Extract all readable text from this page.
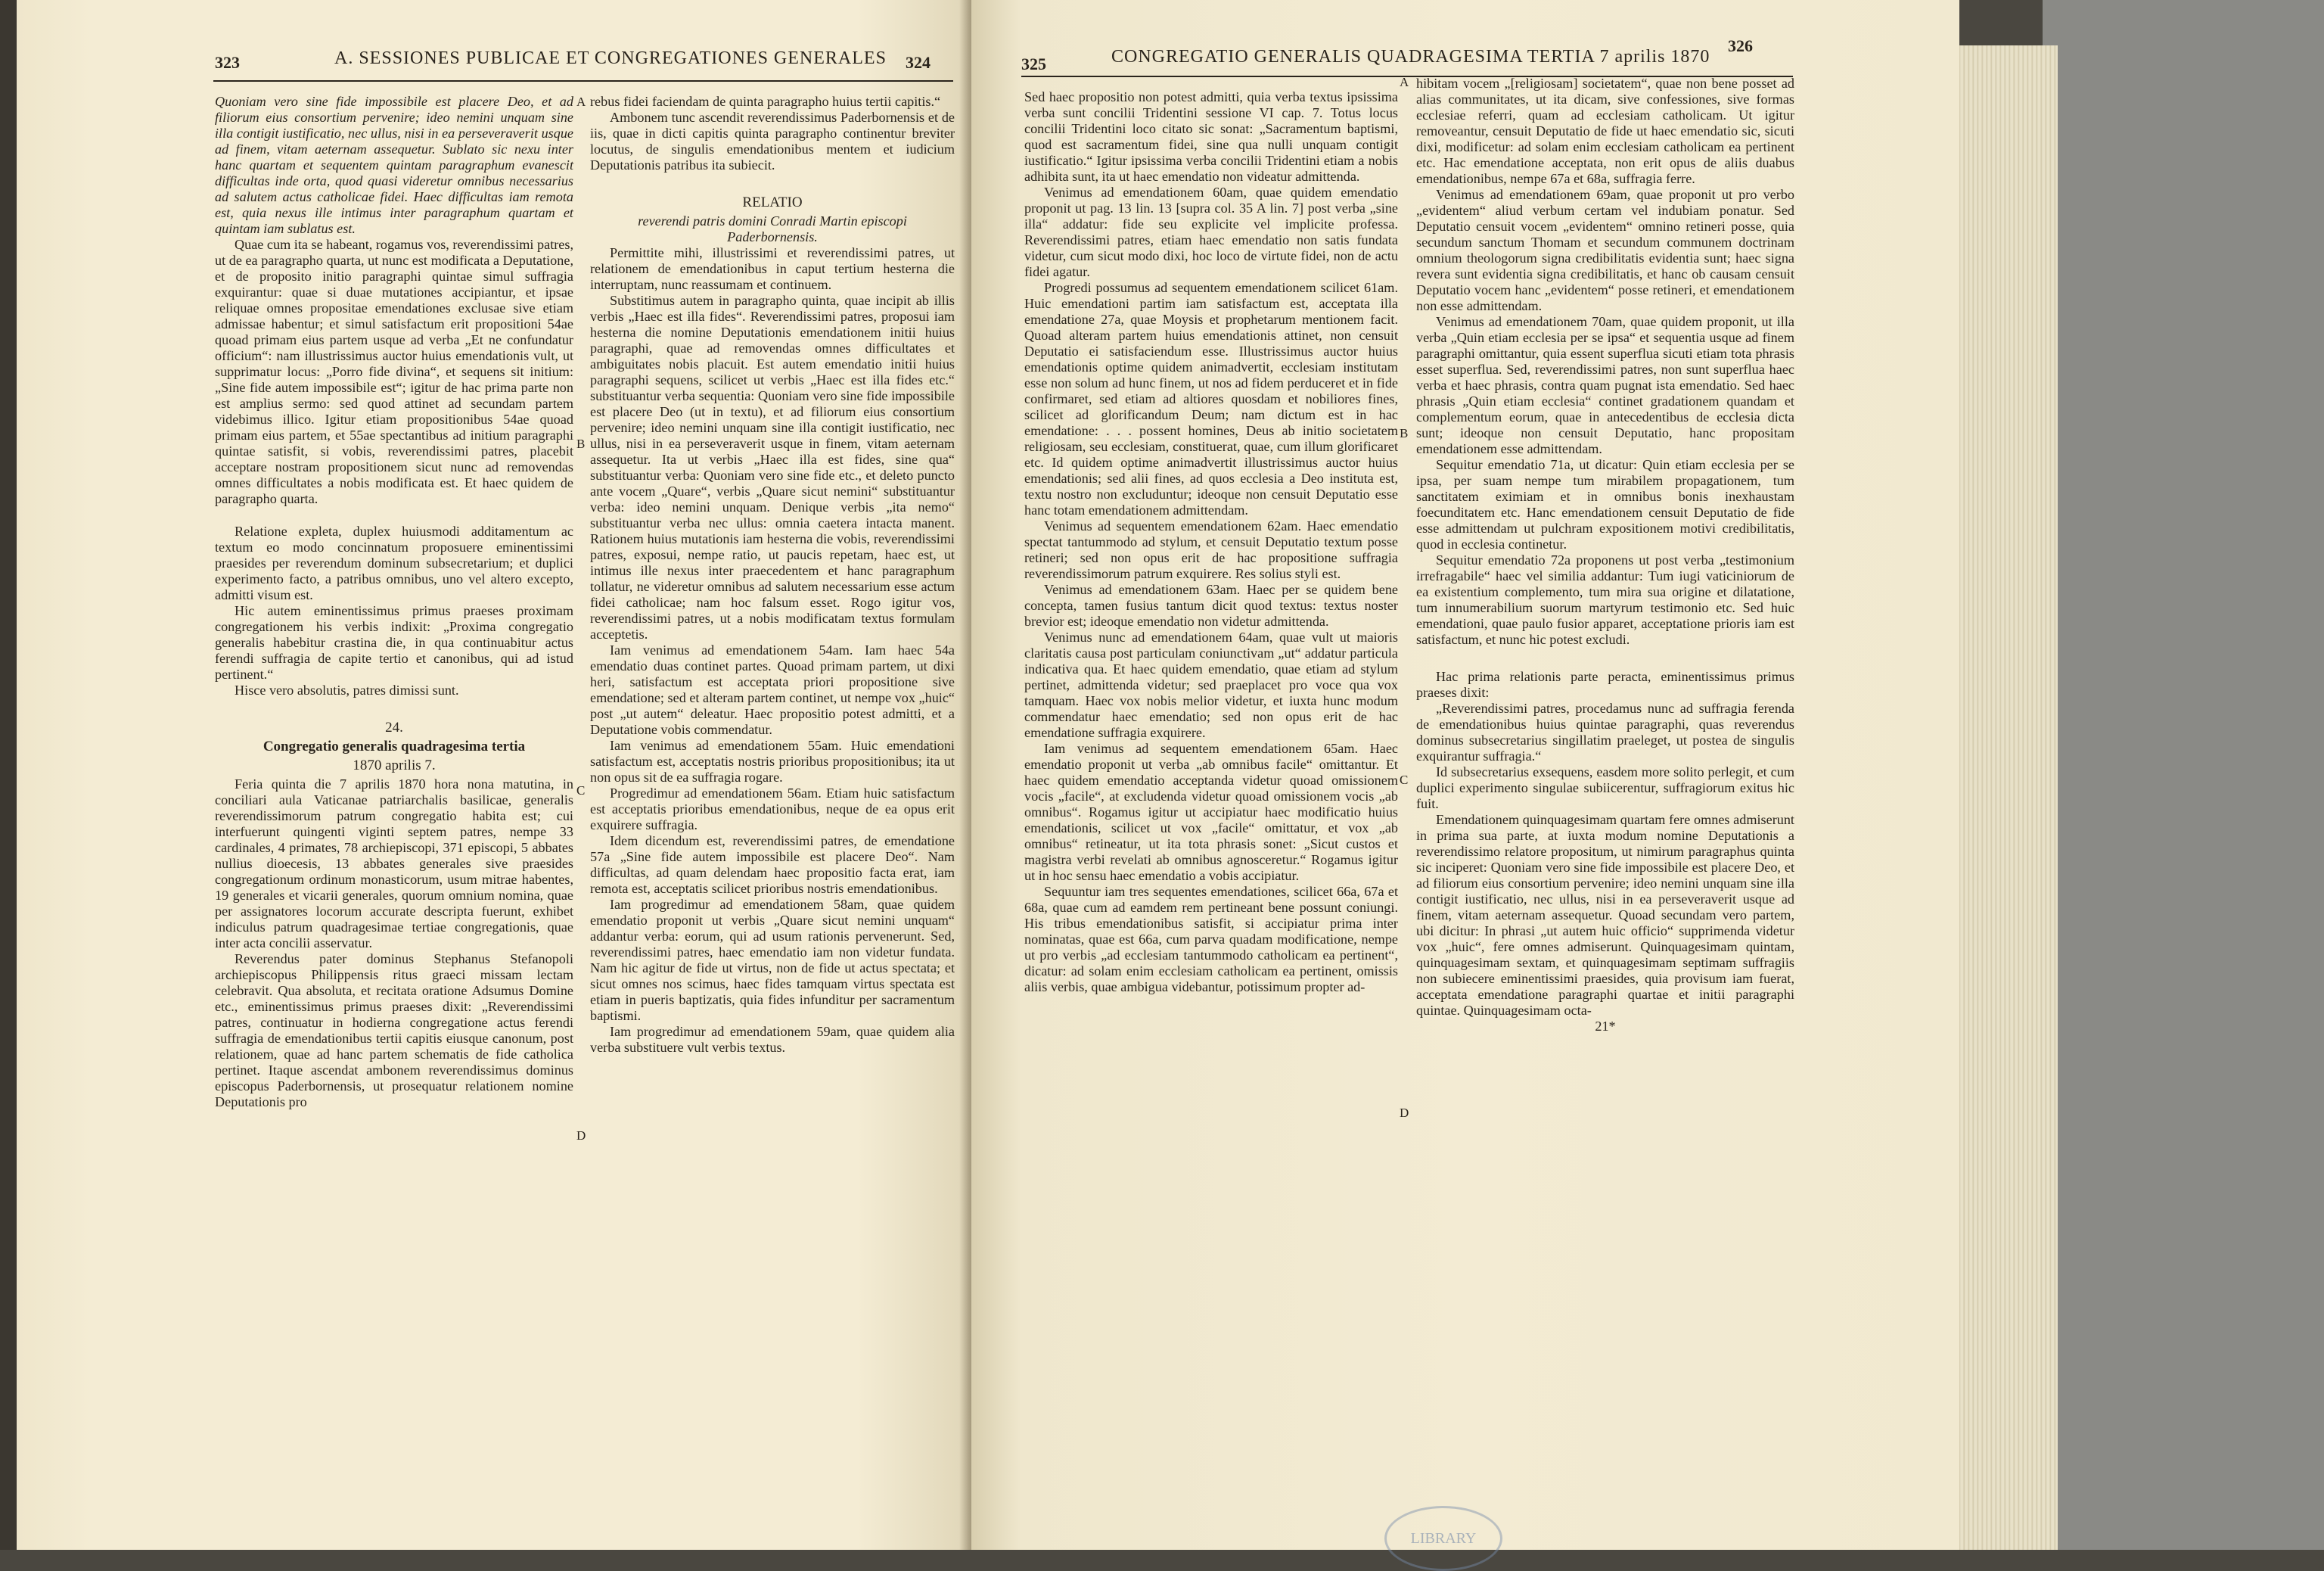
323	A. SESSIONES PUBLICAE ET CONGREGATIONES GENERALES 324

Quoniam vero sine fide impossibile est placere Deo, et ad filiorum eius consortium pervenire; ideo nemini unquam sine illa contigit iustificatio, nec ullus, nisi in ea perseveraverit usque ad finem, vitam aeternam assequetur. Sublato sic nexu inter hanc quartam et sequentem quintam paragraphum evanescit difficultas inde orta, quod quasi videretur omnibus necessarius ad salutem actus catholicae fidei. Haec difficultas iam remota est, quia nexus ille intimus inter paragraphum quartam et quintam iam sublatus est.

Quae cum ita se habeant, rogamus vos, reverendissimi patres, ut de ea paragrapho quarta, ut nunc est modificata a Deputatione, et de proposito initio paragraphi quintae simul suffragia exquirantur: quae si duae mutationes accipiantur, et ipsae reliquae omnes propositae emendationes exclusae sive etiam admissae habentur; et simul satisfactum erit propositioni 54ae quoad primam eius partem usque ad verba „Et ne confundatur officium“: nam illustrissimus auctor huius emendationis vult, ut supprimatur locus: „Porro fide divina“, et sequens sit initium: „Sine fide autem impossibile est“; igitur de hac prima parte non est amplius sermo: sed quod attinet ad secundam partem videbimus illico. Igitur etiam propositionibus 54ae quoad primam eius partem, et 55ae spectantibus ad initium paragraphi quintae satisfit, si vobis, reverendissimi patres, placebit acceptare nostram propositionem sicut nunc ad removendas omnes difficultates a nobis modificata est. Et haec quidem de paragrapho quarta.

Relatione expleta, duplex huiusmodi additamentum ac textum eo modo concinnatum proposuere eminentissimi praesides per reverendum dominum subsecretarium; et duplici experimento facto, a patribus omnibus, uno vel altero excepto, admitti visum est.

Hic autem eminentissimus primus praeses proximam congregationem his verbis indixit: „Proxima congregatio generalis habebitur crastina die, in qua continuabitur actus ferendi suffragia de capite tertio et canonibus, qui ad istud pertinent.“

Hisce vero absolutis, patres dimissi sunt.

24.
Congregatio generalis quadragesima tertia
1870 aprilis 7.

Feria quinta die 7 aprilis 1870 hora nona matutina, in conciliari aula Vaticanae patriarchalis basilicae, generalis reverendissimorum patrum congregatio habita est; cui interfuerunt quingenti viginti septem patres, nempe 33 cardinales, 4 primates, 78 archiepiscopi, 371 episcopi, 5 abbates nullius dioecesis, 13 abbates generales sive praesides congregationum ordinum monasticorum, usum mitrae habentes, 19 generales et vicarii generales, quorum omnium nomina, quae per assignatores locorum accurate descripta fuerunt, exhibet indiculus patrum quadragesimae tertiae congregationis, quae inter acta concilii asservatur.

Reverendus pater dominus Stephanus Stefanopoli archiepiscopus Philippensis ritus graeci missam lectam celebravit. Qua absoluta, et recitata oratione Adsumus Domine etc., eminentissimus primus praeses dixit: „Reverendissimi patres, continuatur in hodierna congregatione actus ferendi suffragia de emendationibus tertii capitis eiusque canonum, post relationem, quae ad hanc partem schematis de fide catholica pertinet. Itaque ascendat ambonem reverendissimus dominus episcopus Paderbornensis, ut prosequatur relationem nomine Deputationis pro

rebus fidei faciendam de quinta paragrapho huius tertii capitis.“

Ambonem tunc ascendit reverendissimus Paderbornensis et de iis, quae in dicti capitis quinta paragrapho continentur breviter locutus, de singulis emendationibus mentem et iudicium Deputationis patribus ita subiecit.

RELATIO

reverendi patris domini Conradi Martin episcopi Paderbornensis.

Permittite mihi, illustrissimi et reverendissimi patres, ut relationem de emendationibus in caput tertium hesterna die interruptam, nunc reassumam et continuem.

Substitimus autem in paragrapho quinta, quae incipit ab illis verbis „Haec est illa fides“. Reverendissimi patres, proposui iam hesterna die nomine Deputationis emendationem initii huius paragraphi, quae ad removendas omnes difficultates et ambiguitates nobis placuit. Est autem emendatio initii huius paragraphi sequens, scilicet ut verbis „Haec est illa fides etc.“ substituantur verba sequentia: Quoniam vero sine fide impossibile est placere Deo (ut in textu), et ad filiorum eius consortium pervenire; ideo nemini unquam sine illa contigit iustificatio, nec ullus, nisi in ea perseveraverit usque in finem, vitam aeternam assequetur. Ita ut verbis „Haec illa est fides, sine qua“ substituantur verba: Quoniam vero sine fide etc., et deleto puncto ante vocem „Quare“, verbis „Quare sicut nemini“ substituantur verba: ideo nemini unquam. Denique verbis „ita nemo“ substituantur verba nec ullus: omnia caetera intacta manent. Rationem huius mutationis iam hesterna die vobis, reverendissimi patres, exposui, nempe ratio, ut paucis repetam, haec est, ut intimus ille nexus inter praecedentem et hanc paragraphum tollatur, ne videretur omnibus ad salutem necessarium esse actum fidei catholicae; nam hoc falsum esset. Rogo igitur vos, reverendissimi patres, ut a nobis modificatam textus formulam acceptetis.

Iam venimus ad emendationem 54am. Iam haec 54a emendatio duas continet partes. Quoad primam partem, ut dixi heri, satisfactum est acceptata priori propositione sive emendatione; sed et alteram partem continet, ut nempe vox „huic“ post „ut autem“ deleatur. Haec propositio potest admitti, et a Deputatione vobis commendatur.

Iam venimus ad emendationem 55am. Huic emendationi satisfactum est, acceptatis nostris prioribus propositionibus; ita ut non opus sit de ea suffragia rogare.

Progredimur ad emendationem 56am. Etiam huic satisfactum est acceptatis prioribus emendationibus, neque de ea opus erit exquirere suffragia.

Idem dicendum est, reverendissimi patres, de emendatione 57a „Sine fide autem impossibile est placere Deo“. Nam difficultas, ad quam delendam haec propositio facta erat, iam remota est, acceptatis scilicet prioribus nostris emendationibus.

Iam progredimur ad emendationem 58am, quae quidem emendatio proponit ut verbis „Quare sicut nemini unquam“ addantur verba: eorum, qui ad usum rationis pervenerunt. Sed, reverendissimi patres, haec emendatio iam non videtur fundata. Nam hic agitur de fide ut virtus, non de fide ut actus spectata; et sicut omnes nos scimus, haec fides tamquam virtus spectata est etiam in pueris baptizatis, quia fides infunditur per sacramentum baptismi.

Iam progredimur ad emendationem 59am, quae quidem alia verba substituere vult verbis textus.

A
B
C
D
325	CONGREGATIO GENERALIS QUADRAGESIMA TERTIA 7 aprilis 1870
326

Sed haec propositio non potest admitti, quia verba textus ipsissima verba sunt concilii Tridentini sessione VI cap. 7. Totus locus concilii Tridentini loco citato sic sonat: „Sacramentum baptismi, quod est sacramentum fidei, sine qua nulli unquam contigit iustificatio.“ Igitur ipsissima verba concilii Tridentini etiam a nobis adhibita sunt, ita ut haec emendatio non videatur admittenda.

Venimus ad emendationem 60am, quae quidem emendatio proponit ut pag. 13 lin. 13 [supra col. 35 A lin. 7] post verba „sine illa“ addatur: fide seu explicite vel implicite professa. Reverendissimi patres, etiam haec emendatio non satis fundata videtur, cum sicut modo dixi, hoc loco de virtute fidei, non de actu fidei agatur.

Progredi possumus ad sequentem emendationem scilicet 61am. Huic emendationi partim iam satisfactum est, acceptata illa emendatione 27a, quae Moysis et prophetarum mentionem facit. Quoad alteram partem huius emendationis attinet, non censuit Deputatio ei satisfaciendum esse. Illustrissimus auctor huius emendationis optime quidem animadvertit, ecclesiam institutam esse non solum ad hunc finem, ut nos ad fidem perduceret et in fide confirmaret, sed etiam ad altiores quosdam et nobiliores fines, scilicet ad glorificandum Deum; nam dictum est in hac emendatione: . . . possent homines, Deus ab initio societatem religiosam, seu ecclesiam, constituerat, quae, cum illum glorificaret etc. Id quidem optime animadvertit illustrissimus auctor huius emendationis; sed alii fines, ad quos ecclesia a Deo instituta est, textu nostro non excluduntur; ideoque non censuit Deputatio esse hanc totam emendationem admittendam.

Venimus ad sequentem emendationem 62am. Haec emendatio spectat tantummodo ad stylum, et censuit Deputatio textum posse retineri; sed non opus erit de hac propositione suffragia reverendissimorum patrum exquirere. Res solius styli est.

Venimus ad emendationem 63am. Haec per se quidem bene concepta, tamen fusius tantum dicit quod textus: textus noster brevior est; ideoque emendatio non videtur admittenda.

Venimus nunc ad emendationem 64am, quae vult ut maioris claritatis causa post particulam coniunctivam „ut“ addatur particula indicativa qua. Et haec quidem emendatio, quae etiam ad stylum pertinet, admittenda videtur; sed praeplacet pro voce qua vox tamquam. Haec vox nobis melior videtur, et iuxta hunc modum commendatur haec emendatio; sed non opus erit de hac emendatione suffragia exquirere.

Iam venimus ad sequentem emendationem 65am. Haec emendatio proponit ut verba „ab omnibus facile“ omittantur. Et haec quidem emendatio acceptanda videtur quoad omissionem vocis „facile“, at excludenda videtur quoad omissionem vocis „ab omnibus“. Rogamus igitur ut accipiatur haec modificatio huius emendationis, scilicet ut vox „facile“ omittatur, et vox „ab omnibus“ retineatur, ut ita tota phrasis sonet: „Sicut custos et magistra verbi revelati ab omnibus agnosceretur.“ Rogamus igitur ut in hoc sensu haec emendatio a vobis accipiatur.

Sequuntur iam tres sequentes emendationes, scilicet 66a, 67a et 68a, quae cum ad eamdem rem pertineant bene possunt coniungi. His tribus emendationibus satisfit, si accipiatur prima inter nominatas, quae est 66a, cum parva quadam modificatione, nempe ut pro verbis „ad ecclesiam tantummodo catholicam ea pertinent“, dicatur: ad solam enim ecclesiam catholicam ea pertinent, omissis aliis verbis, quae ambigua videbantur, potissimum propter ad-

A
B
C
D

hibitam vocem „[religiosam] societatem“, quae non bene posset ad alias communitates, ut ita dicam, sive confessiones, sive formas ecclesiae referri, quam ad ecclesiam catholicam. Ut igitur removeantur, censuit Deputatio de fide ut haec emendatio sic, sicuti dixi, modificetur: ad solam enim ecclesiam catholicam ea pertinent etc. Hac emendatione acceptata, non erit opus de aliis duabus emendationibus, nempe 67a et 68a, suffragia ferre.

Venimus ad emendationem 69am, quae proponit ut pro verbo „evidentem“ aliud verbum certam vel indubiam ponatur. Sed Deputatio censuit vocem „evidentem“ omnino retineri posse, quia secundum sanctum Thomam et secundum communem doctrinam omnium theologorum signa credibilitatis evidentia sunt; haec signa revera sunt evidentia signa credibilitatis, et hanc ob causam censuit Deputatio vocem hanc „evidentem“ posse retineri, et emendationem non esse admittendam.

Venimus ad emendationem 70am, quae quidem proponit, ut illa verba „Quin etiam ecclesia per se ipsa“ et sequentia usque ad finem paragraphi omittantur, quia essent superflua sicuti etiam tota phrasis esset superflua. Sed, reverendissimi patres, non sunt superflua haec verba et haec phrasis, contra quam pugnat ista emendatio. Sed haec phrasis „Quin etiam ecclesia“ continet gradationem quandam et complementum eorum, quae in antecedentibus de ecclesia dicta sunt; ideoque non censuit Deputatio, hanc propositam emendationem esse admittendam.

Sequitur emendatio 71a, ut dicatur: Quin etiam ecclesia per se ipsa, per suam nempe tum mirabilem propagationem, tum sanctitatem eximiam et in omnibus bonis inexhaustam foecunditatem etc. Hanc emendationem censuit Deputatio de fide esse admittendam ut pulchram expositionem motivi credibilitatis, quod in ecclesia continetur.

Sequitur emendatio 72a proponens ut post verba „testimonium irrefragabile“ haec vel similia addantur: Tum iugi vaticiniorum de ea existentium complemento, tum mira sua origine et dilatatione, tum innumerabilium suorum martyrum testimonio etc. Sed huic emendationi, quae paulo fusior apparet, acceptatione prioris iam est satisfactum, et nunc hic potest excludi.

Hac prima relationis parte peracta, eminentissimus primus praeses dixit:

„Reverendissimi patres, procedamus nunc ad suffragia ferenda de emendationibus huius quintae paragraphi, quas reverendus dominus subsecretarius singillatim praeleget, ut postea de singulis exquirantur suffragia.“

Id subsecretarius exsequens, easdem more solito perlegit, et cum duplici experimento singulae subiicerentur, suffragiorum exitus hic fuit.

Emendationem quinquagesimam quartam fere omnes admiserunt in prima sua parte, at iuxta modum nomine Deputationis a reverendissimo relatore propositum, ut nimirum paragraphus quinta sic inciperet: Quoniam vero sine fide impossibile est placere Deo, et ad filiorum eius consortium pervenire; ideo nemini unquam sine illa contigit iustificatio, nec ullus, nisi in ea perseveraverit usque ad finem, vitam aeternam assequetur. Quoad secundam vero partem, ubi dicitur: In phrasi „ut autem huic officio“ supprimenda videtur vox „huic“, fere omnes admiserunt. Quinquagesimam quintam, quinquagesimam sextam, et quinquagesimam septimam suffragiis non subiecere eminentissimi praesides, quia provisum iam fuerat, acceptata emendatione paragraphi quartae et initii paragraphi quintae. Quinquagesimam octa-

21*

LIBRARY
